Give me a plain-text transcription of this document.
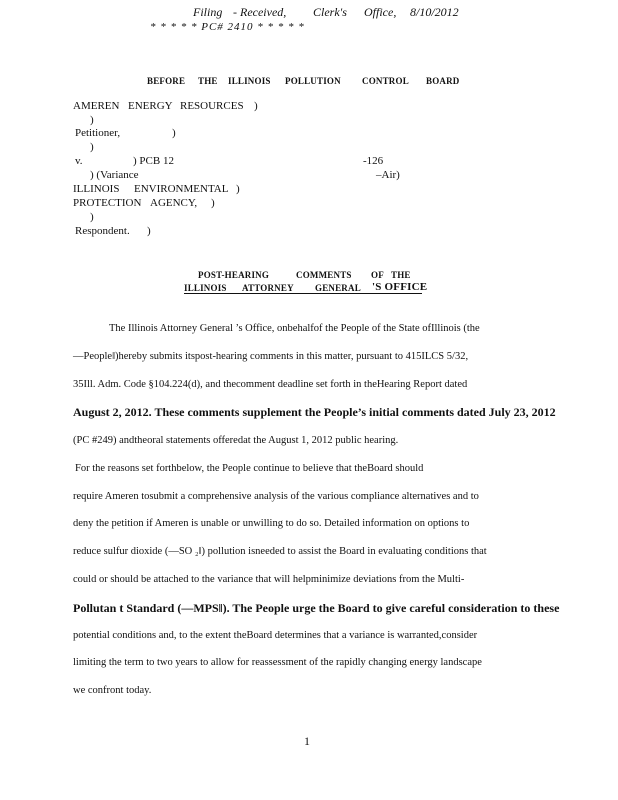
Filing - Received, Clerk's Office, 8/10/2012
* * * * * PC# 2410 * * * * *
BEFORE THE ILLINOIS POLLUTION CONTROL BOARD
AMEREN ENERGY RESOURCES )
)
Petitioner,	)
)
v.	) PCB 12	-126
) (Variance	–Air)
ILLINOIS ENVIRONMENTAL )
PROTECTION AGENCY, )
)
Respondent. )
POST-HEARING	COMMENTS OF THE
ILLINOIS ATTORNEY GENERAL 'S OFFICE
The Illinois Attorney General ’s Office, onbehalfof the People of the State ofIllinois (the
—People‖)hereby submits itspost-hearing comments in this matter, pursuant to 415ILCS 5/32,
35Ill. Adm. Code §104.224(d), and thecomment deadline set forth in theHearing Report dated
August 2, 2012. These comments supplement the People’s initial comments dated July 23, 2012
(PC #249) andtheoral statements offeredat the August 1, 2012 public hearing.
For the reasons set forthbelow, the People continue to believe that theBoard should
require Ameren tosubmit a comprehensive analysis of the various compliance alternatives and to
deny the petition if Ameren is unable or unwilling to do so. Detailed information on options to
reduce sulfur dioxide (—SO ₂‖) pollution isneeded to assist the Board in evaluating conditions that
could or should be attached to the variance that will helpminimize deviations from the Multi-
Pollutan t Standard (—MPS‖). The People urge the Board to give careful consideration to these
potential conditions and, to the extent theBoard determines that a variance is warranted,consider
limiting the term to two years to allow for reassessment of the rapidly changing energy landscape
we confront today.
1
